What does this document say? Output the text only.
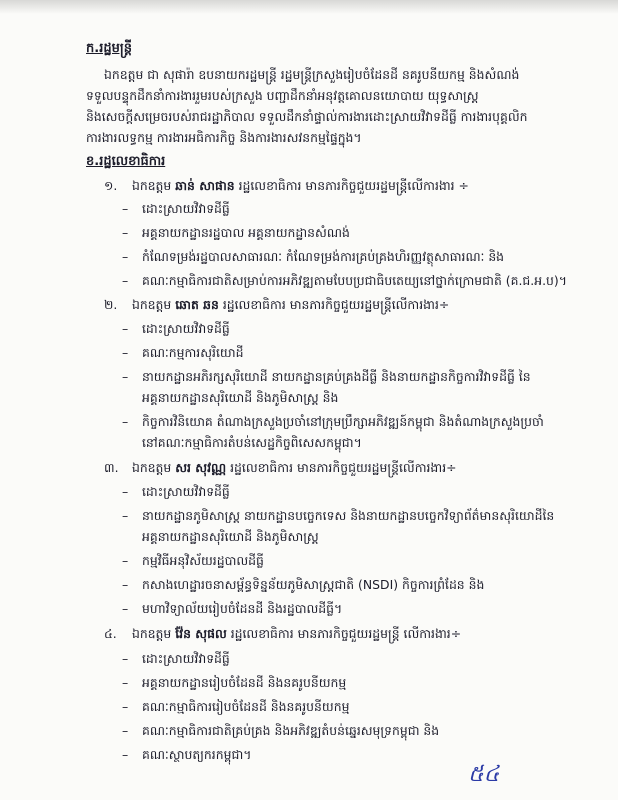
ក.រដ្ឋមន្ត្រី
ឯកឧត្តម ជា សុផារ៉ា ឧបនាយករដ្ឋមន្ត្រី រដ្ឋមន្ត្រីក្រសួងរៀបចំដែនដី នគរូបនីយកម្ម និងសំណង់
ទទួលបន្ទុកដឹកនាំការងាររួមរបស់ក្រសួង បញ្ជាដឹកនាំអនុវត្តគោលនយោបាយ យុទ្ធសាស្ត្រ
និងសេចក្តីសម្រេចរបស់រាជរដ្ឋាភិបាល ទទួលដឹកនាំផ្ទាល់ការងារដោះស្រាយវិវាទដីធ្លី ការងារបុគ្គលិក
ការងារលទ្ធកម្ម ការងារអធិការកិច្ច និងការងារសវនកម្មផ្ទៃក្នុង។
ខ.រដ្ឋលេខាធិការ
១. ឯកឧត្តម ឆាន់ សាផាន រដ្ឋលេខាធិការ មានភារកិច្ចជួយរដ្ឋមន្ត្រីលើការងារ ÷
– ដោះស្រាយវិវាទដីធ្លី
– អគ្គនាយកដ្ឋានរដ្ឋបាល អគ្គនាយកដ្ឋានសំណង់
– កំណែទម្រង់រដ្ឋបាលសាធារណៈ កំណែទម្រង់ការគ្រប់គ្រងហិរញ្ញវត្ថុសាធារណៈ និង
– គណៈកម្មាធិការជាតិសម្រាប់ការអភិវឌ្ឍតាមបែបប្រជាធិបតេយ្យនៅថ្នាក់ក្រោមជាតិ (គ.ជ.អ.ប)។
២. ឯកឧត្តម ឆោត ឆន រដ្ឋលេខាធិការ មានភារកិច្ចជួយរដ្ឋមន្ត្រីលើការងារ÷
– ដោះស្រាយវិវាទដីធ្លី
– គណៈកម្មការសុរិយោដី
– នាយកដ្ឋានអភិរក្សសុរិយោដី នាយកដ្ឋានគ្រប់គ្រងដីធ្លី និងនាយកដ្ឋានកិច្ចការវិវាទដីធ្លី នៃ
អគ្គនាយកដ្ឋានសុរិយោដី និងភូមិសាស្ត្រ និង
– កិច្ចការវិនិយោគ តំណាងក្រសួងប្រចាំនៅក្រុមប្រឹក្សាអភិវឌ្ឍន៍កម្ពុជា និងតំណាងក្រសួងប្រចាំ
នៅគណៈកម្មាធិការតំបន់សេដ្ឋកិច្ចពិសេសកម្ពុជា។
៣. ឯកឧត្តម សរ សុវណ្ណ រដ្ឋលេខាធិការ មានភារកិច្ចជួយរដ្ឋមន្ត្រីលើការងារ÷
– ដោះស្រាយវិវាទដីធ្លី
– នាយកដ្ឋានភូមិសាស្ត្រ នាយកដ្ឋានបច្ចេកទេស និងនាយកដ្ឋានបច្ចេកវិទ្យាព័ត៌មានសុរិយោដីនៃ
អគ្គនាយកដ្ឋានសុរិយោដី និងភូមិសាស្ត្រ
– កម្មវិធីអនុវិស័យរដ្ឋបាលដីធ្លី
– កសាងហេដ្ឋារចនាសម្ព័ន្ធទិន្នន័យភូមិសាស្ត្រជាតិ (NSDI) កិច្ចការព្រំដែន និង
– មហាវិទ្យាល័យរៀបចំដែនដី និងរដ្ឋបាលដីធ្លី។
៤. ឯកឧត្តម វ៉ែន សុផល រដ្ឋលេខាធិការ មានភារកិច្ចជួយរដ្ឋមន្ត្រី លើការងារ÷
– ដោះស្រាយវិវាទដីធ្លី
– អគ្គនាយកដ្ឋានរៀបចំដែនដី និងនគរូបនីយកម្ម
– គណៈកម្មាធិការរៀបចំដែនដី និងនគរូបនីយកម្ម
– គណៈកម្មាធិការជាតិគ្រប់គ្រង និងអភិវឌ្ឍតំបន់ឆ្នេរសមុទ្រកម្ពុជា និង
– គណៈស្ថាបត្យករកម្ពុជា។
៥៤
